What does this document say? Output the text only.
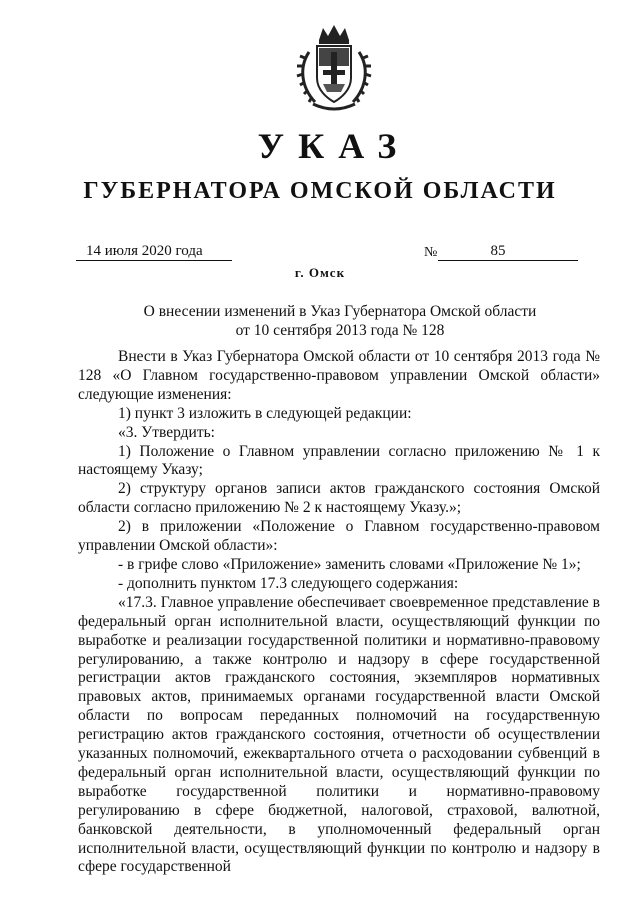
УКАЗ
ГУБЕРНАТОРА ОМСКОЙ ОБЛАСТИ
14 июля 2020 года	№	85
г. Омск
О внесении изменений в Указ Губернатора Омской области
от 10 сентября 2013 года № 128

Внести в Указ Губернатора Омской области от 10 сентября 2013 года № 128 «О Главном государственно-правовом управлении Омской области» следующие изменения:

1) пункт 3 изложить в следующей редакции:

«3. Утвердить:

1) Положение о Главном управлении согласно приложению № 1 к настоящему Указу;

2) структуру органов записи актов гражданского состояния Омской области согласно приложению № 2 к настоящему Указу.»;

2) в приложении «Положение о Главном государственно-правовом управлении Омской области»:

- в грифе слово «Приложение» заменить словами «Приложение № 1»;

- дополнить пунктом 17.3 следующего содержания:

«17.3. Главное управление обеспечивает своевременное представление в федеральный орган исполнительной власти, осуществляющий функции по выработке и реализации государственной политики и нормативно-правовому регулированию, а также контролю и надзору в сфере государственной регистрации актов гражданского состояния, экземпляров нормативных правовых актов, принимаемых органами государственной власти Омской области по вопросам переданных полномочий на государственную регистрацию актов гражданского состояния, отчетности об осуществлении указанных полномочий, ежеквартального отчета о расходовании субвенций в федеральный орган исполнительной власти, осуществляющий функции по выработке государственной политики и нормативно-правовому регулированию в сфере бюджетной, налоговой, страховой, валютной, банковской деятельности, в уполномоченный федеральный орган исполнительной власти, осуществляющий функции по контролю и надзору в сфере государственной
